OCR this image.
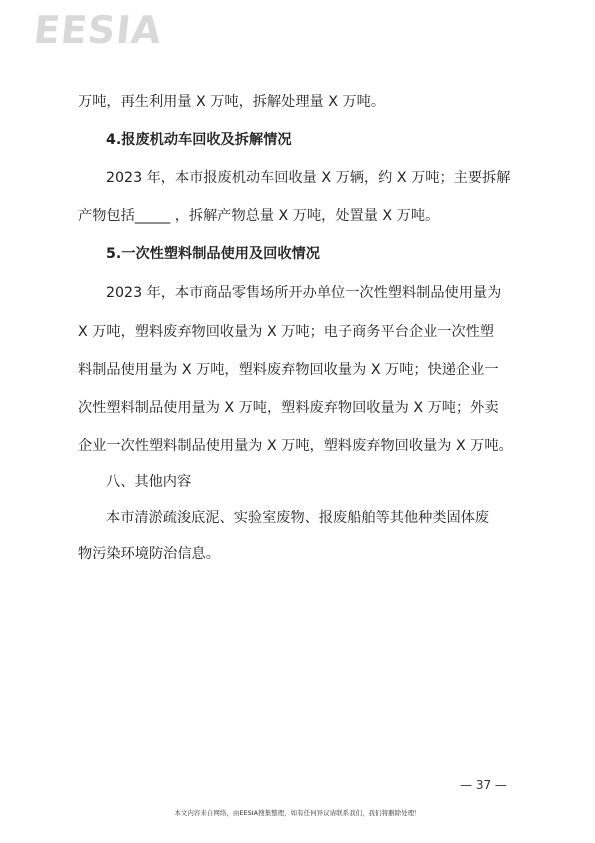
EESIA
万吨，再生利用量 X 万吨，拆解处理量 X 万吨。
4.报废机动车回收及拆解情况
2023 年，本市报废机动车回收量 X 万辆，约 X 万吨；主要拆解
产物包括_____ ，拆解产物总量 X 万吨，处置量 X 万吨。
5.一次性塑料制品使用及回收情况
2023 年，本市商品零售场所开办单位一次性塑料制品使用量为
X 万吨，塑料废弃物回收量为 X 万吨；电子商务平台企业一次性塑
料制品使用量为 X 万吨，塑料废弃物回收量为 X 万吨；快递企业一
次性塑料制品使用量为 X 万吨，塑料废弃物回收量为 X 万吨；外卖
企业一次性塑料制品使用量为 X 万吨，塑料废弃物回收量为 X 万吨。
八、其他内容
本市清淤疏浚底泥、实验室废物、报废船舶等其他种类固体废
物污染环境防治信息。
— 37 —
本文内容来自网络，由EESIA搜集整理，如有任何异议请联系我们，我们将删除处理！
